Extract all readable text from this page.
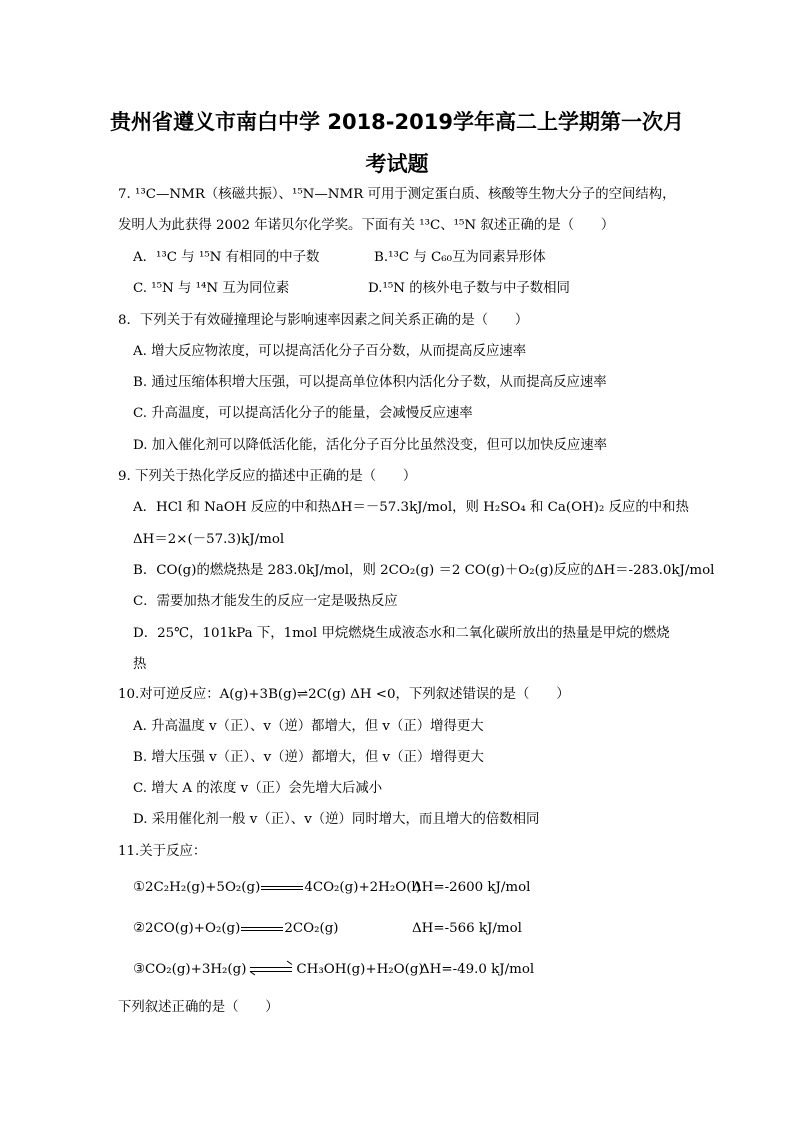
贵州省遵义市南白中学 2018-2019学年高二上学期第一次月
考试题
7. ¹³C—NMR（核磁共振）、¹⁵N—NMR 可用于测定蛋白质、核酸等生物大分子的空间结构，
发明人为此获得 2002 年诺贝尔化学奖。下面有关 ¹³C、¹⁵N 叙述正确的是（　　）
A．¹³C 与 ¹⁵N 有相同的中子数	B.¹³C 与 C₆₀互为同素异形体
C. ¹⁵N 与 ¹⁴N 互为同位素	D.¹⁵N 的核外电子数与中子数相同
8．下列关于有效碰撞理论与影响速率因素之间关系正确的是（　　）
A. 增大反应物浓度，可以提高活化分子百分数，从而提高反应速率
B. 通过压缩体积增大压强，可以提高单位体积内活化分子数，从而提高反应速率
C. 升高温度，可以提高活化分子的能量，会减慢反应速率
D. 加入催化剂可以降低活化能，活化分子百分比虽然没变，但可以加快反应速率
9. 下列关于热化学反应的描述中正确的是（　　）
A．HCl 和 NaOH 反应的中和热ΔH＝－57.3kJ/mol，则 H₂SO₄ 和 Ca(OH)₂ 反应的中和热
ΔH＝2×(－57.3)kJ/mol
B．CO(g)的燃烧热是 283.0kJ/mol，则 2CO₂(g) ＝2 CO(g)＋O₂(g)反应的ΔH＝-283.0kJ/mol
C．需要加热才能发生的反应一定是吸热反应
D．25℃，101kPa 下，1mol 甲烷燃烧生成液态水和二氧化碳所放出的热量是甲烷的燃烧
热
10.对可逆反应：A(g)+3B(g)⇌2C(g) ΔH <0，下列叙述错误的是（　　）
A. 升高温度 v（正）、v（逆）都增大，但 v（正）增得更大
B. 增大压强 v（正）、v（逆）都增大，但 v（正）增得更大
C. 增大 A 的浓度 v（正）会先增大后减小
D. 采用催化剂一般 v（正）、v（逆）同时增大，而且增大的倍数相同
11.关于反应：
①2C₂H₂(g)+5O₂(g)	4CO₂(g)+2H₂O(l)
ΔH=-2600 kJ/mol
②2CO(g)+O₂(g)	2CO₂(g)	ΔH=-566 kJ/mol
③CO₂(g)+3H₂(g)	CH₃OH(g)+H₂O(g)
ΔH=-49.0 kJ/mol
下列叙述正确的是（　　）
